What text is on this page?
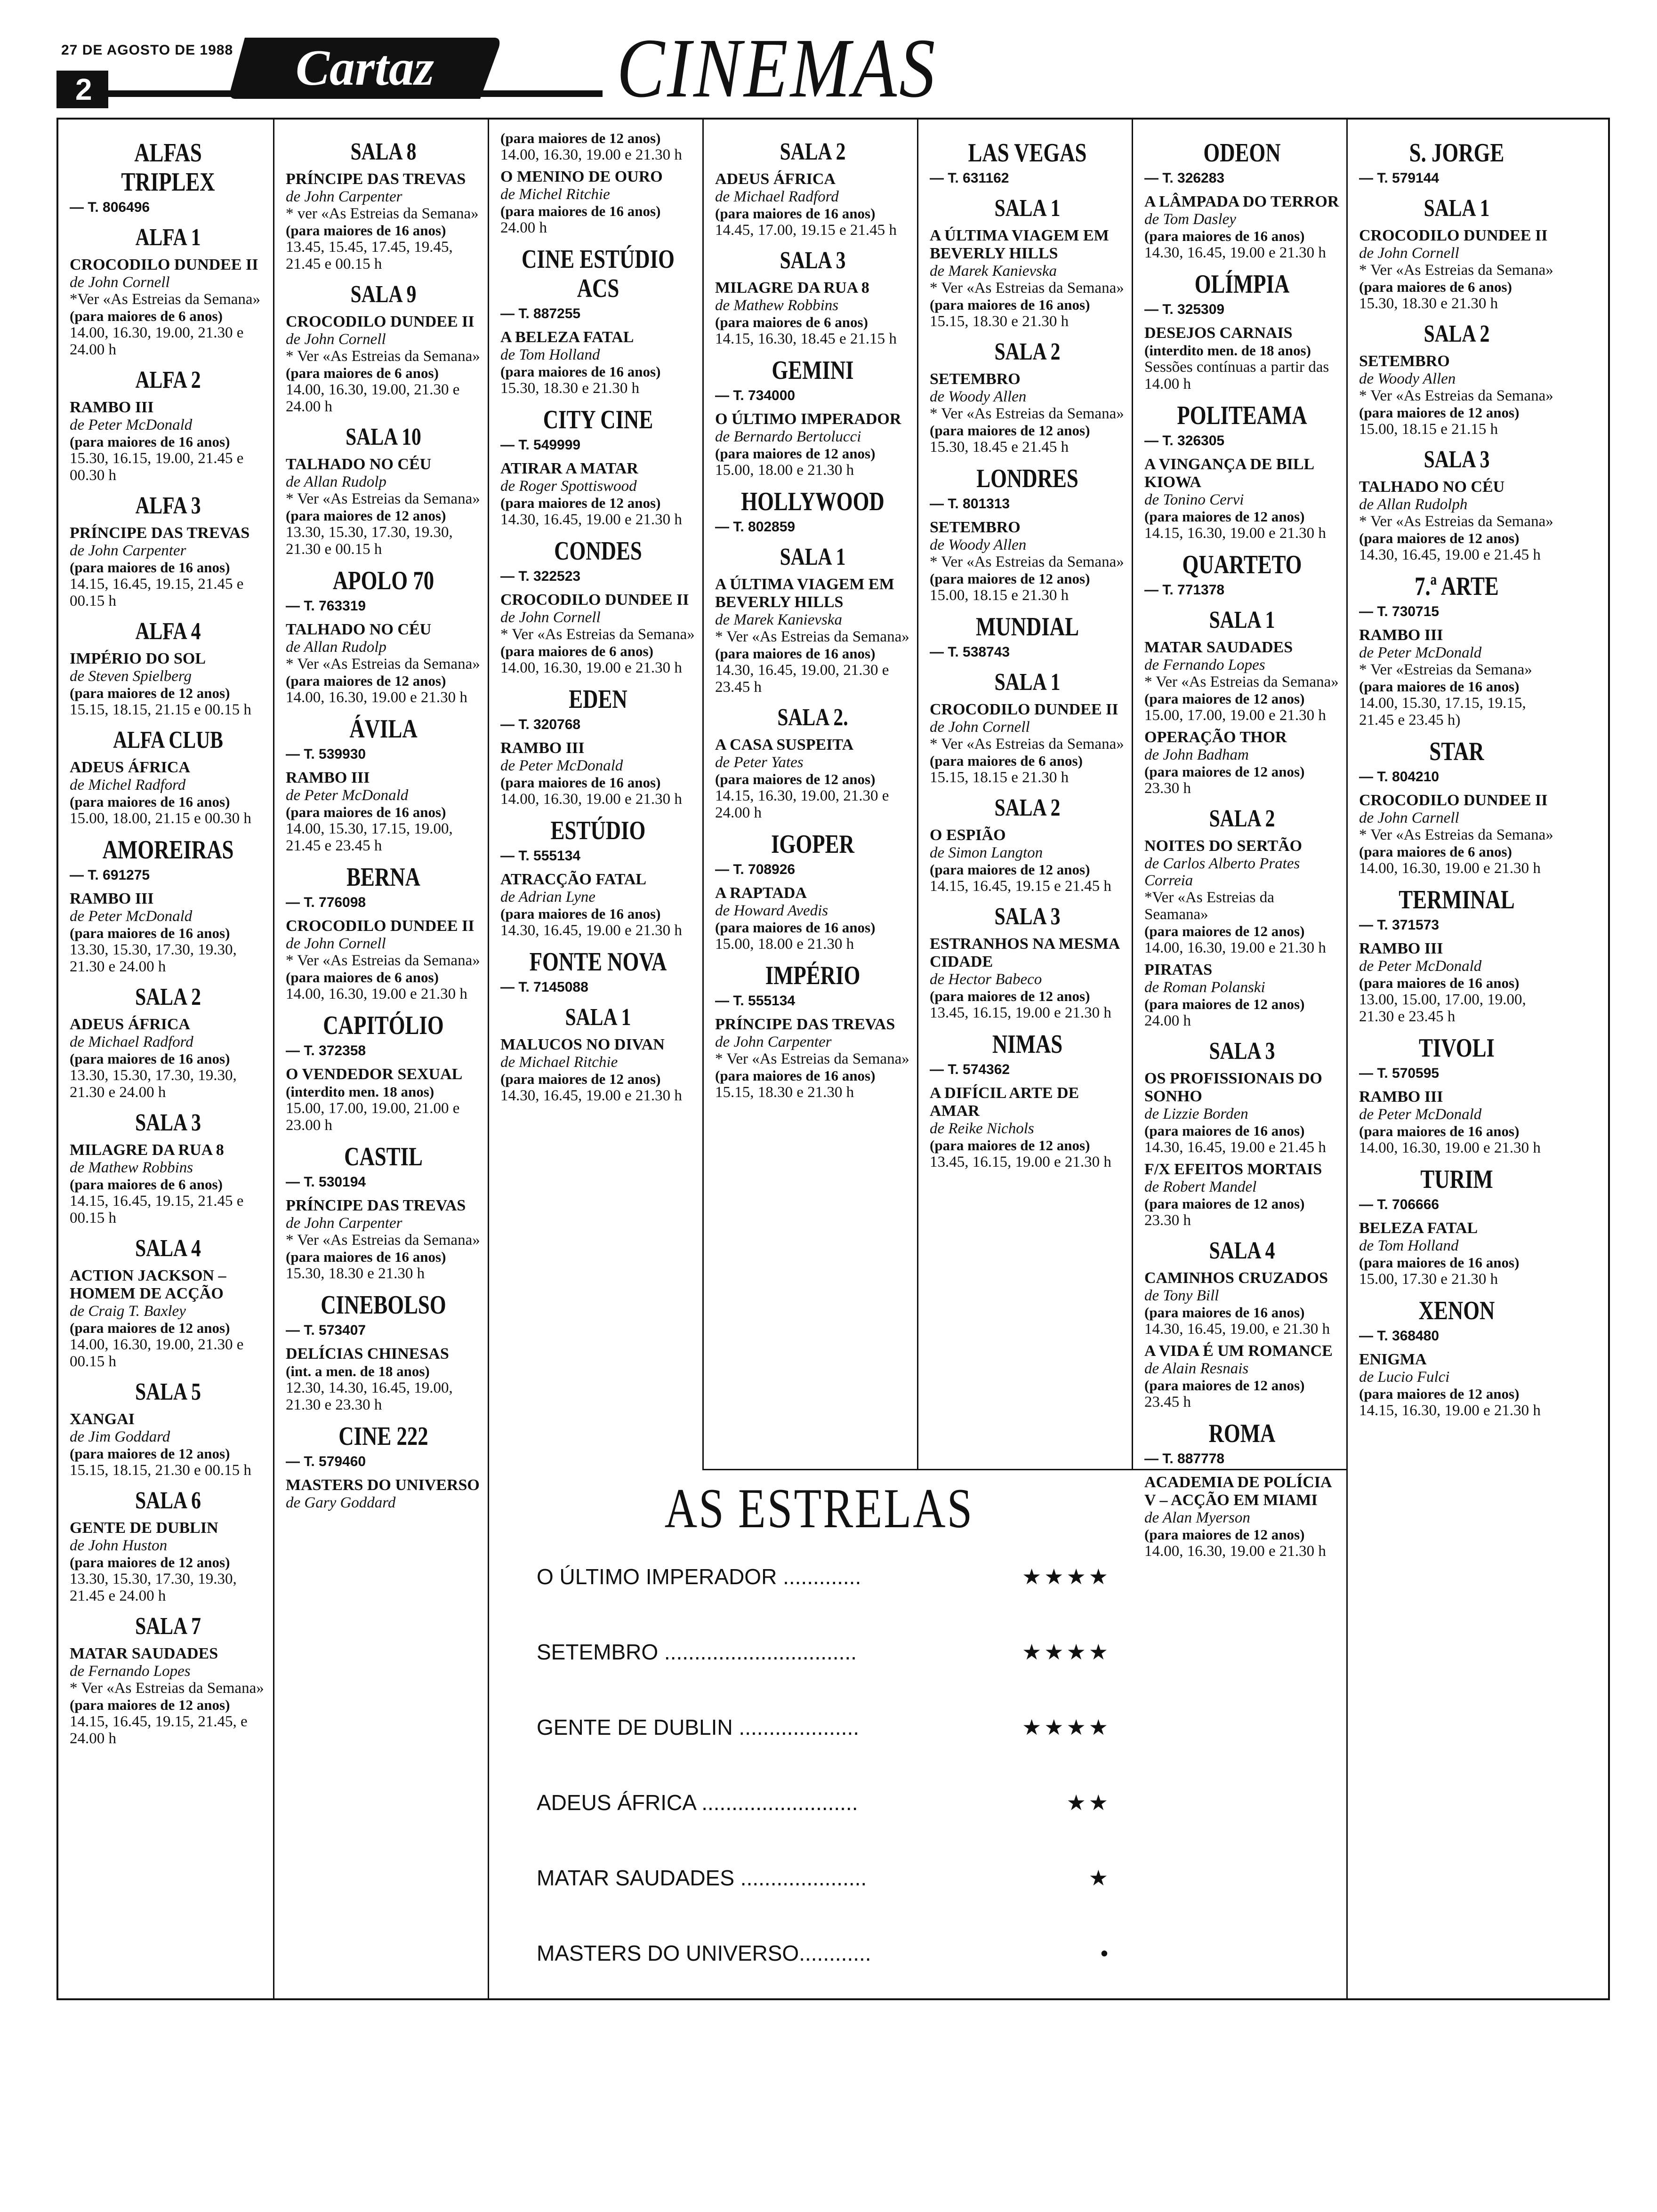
27 DE AGOSTO DE 1988
2	Cartaz CINEMAS
ALFAS TRIPLEX
— T. 806496
ALFA 1
CROCODILO DUNDEE II
de John Cornell
*Ver «As Estreias da Semana»
(para maiores de 6 anos)
14.00, 16.30, 19.00, 21.30 e 24.00 h
ALFA 2
RAMBO III
de Peter McDonald
(para maiores de 16 anos)
15.30, 16.15, 19.00, 21.45 e 00.30 h
ALFA 3
PRÍNCIPE DAS TREVAS
de John Carpenter
(para maiores de 16 anos)
14.15, 16.45, 19.15, 21.45 e 00.15 h
ALFA 4
IMPÉRIO DO SOL
de Steven Spielberg
(para maiores de 12 anos)
15.15, 18.15, 21.15 e 00.15 h
ALFA CLUB
ADEUS ÁFRICA
de Michel Radford
(para maiores de 16 anos)
15.00, 18.00, 21.15 e 00.30 h
AMOREIRAS
— T. 691275
RAMBO III
de Peter McDonald
(para maiores de 16 anos)
13.30, 15.30, 17.30, 19.30, 21.30 e 24.00 h
SALA 2
ADEUS ÁFRICA
de Michael Radford
(para maiores de 16 anos)
13.30, 15.30, 17.30, 19.30, 21.30 e 24.00 h
SALA 3
MILAGRE DA RUA 8
de Mathew Robbins
(para maiores de 6 anos)
14.15, 16.45, 19.15, 21.45 e 00.15 h
SALA 4
ACTION JACKSON – HOMEM DE ACÇÃO
de Craig T. Baxley
(para maiores de 12 anos)
14.00, 16.30, 19.00, 21.30 e 00.15 h
SALA 5
XANGAI
de Jim Goddard
(para maiores de 12 anos)
15.15, 18.15, 21.30 e 00.15 h
SALA 6
GENTE DE DUBLIN
de John Huston
(para maiores de 12 anos)
13.30, 15.30, 17.30, 19.30, 21.45 e 24.00 h
SALA 7
MATAR SAUDADES
de Fernando Lopes
* Ver «As Estreias da Semana»
(para maiores de 12 anos)
14.15, 16.45, 19.15, 21.45, e 24.00 h
SALA 8
PRÍNCIPE DAS TREVAS
de John Carpenter
* ver «As Estreias da Semana»
(para maiores de 16 anos)
13.45, 15.45, 17.45, 19.45, 21.45 e 00.15 h
SALA 9
CROCODILO DUNDEE II
de John Cornell
* Ver «As Estreias da Semana»
(para maiores de 6 anos)
14.00, 16.30, 19.00, 21.30 e 24.00 h
SALA 10
TALHADO NO CÉU
de Allan Rudolp
* Ver «As Estreias da Semana»
(para maiores de 12 anos)
13.30, 15.30, 17.30, 19.30, 21.30 e 00.15 h
APOLO 70
— T. 763319
TALHADO NO CÉU
de Allan Rudolp
* Ver «As Estreias da Semana»
(para maiores de 12 anos)
14.00, 16.30, 19.00 e 21.30 h
ÁVILA
— T. 539930
RAMBO III
de Peter McDonald
(para maiores de 16 anos)
14.00, 15.30, 17.15, 19.00, 21.45 e 23.45 h
BERNA
— T. 776098
CROCODILO DUNDEE II
de John Cornell
* Ver «As Estreias da Semana»
(para maiores de 6 anos)
14.00, 16.30, 19.00 e 21.30 h
CAPITÓLIO
— T. 372358
O VENDEDOR SEXUAL
(interdito men. 18 anos)
15.00, 17.00, 19.00, 21.00 e 23.00 h
CASTIL
— T. 530194
PRÍNCIPE DAS TREVAS
de John Carpenter
* Ver «As Estreias da Semana»
(para maiores de 16 anos)
15.30, 18.30 e 21.30 h
CINEBOLSO
— T. 573407
DELÍCIAS CHINESAS
(int. a men. de 18 anos)
12.30, 14.30, 16.45, 19.00, 21.30 e 23.30 h
CINE 222
— T. 579460
MASTERS DO UNIVERSO
de Gary Goddard
(para maiores de 12 anos)
14.00, 16.30, 19.00 e 21.30 h
O MENINO DE OURO
de Michel Ritchie
(para maiores de 16 anos)
24.00 h
CINE ESTÚDIO ACS
— T. 887255
A BELEZA FATAL
de Tom Holland
(para maiores de 16 anos)
15.30, 18.30 e 21.30 h
CITY CINE
— T. 549999
ATIRAR A MATAR
de Roger Spottiswood
(para maiores de 12 anos)
14.30, 16.45, 19.00 e 21.30 h
CONDES
— T. 322523
CROCODILO DUNDEE II
de John Cornell
* Ver «As Estreias da Semana»
(para maiores de 6 anos)
14.00, 16.30, 19.00 e 21.30 h
EDEN
— T. 320768
RAMBO III
de Peter McDonald
(para maiores de 16 anos)
14.00, 16.30, 19.00 e 21.30 h
ESTÚDIO
— T. 555134
ATRACÇÃO FATAL
de Adrian Lyne
(para maiores de 16 anos)
14.30, 16.45, 19.00 e 21.30 h
FONTE NOVA
— T. 7145088
SALA 1
MALUCOS NO DIVAN
de Michael Ritchie
(para maiores de 12 anos)
14.30, 16.45, 19.00 e 21.30 h
SALA 2
ADEUS ÁFRICA
de Michael Radford
(para maiores de 16 anos)
14.45, 17.00, 19.15 e 21.45 h
SALA 3
MILAGRE DA RUA 8
de Mathew Robbins
(para maiores de 6 anos)
14.15, 16.30, 18.45 e 21.15 h
GEMINI
— T. 734000
O ÚLTIMO IMPERADOR
de Bernardo Bertolucci
(para maiores de 12 anos)
15.00, 18.00 e 21.30 h
HOLLYWOOD
— T. 802859
SALA 1
A ÚLTIMA VIAGEM EM BEVERLY HILLS
de Marek Kanievska
* Ver «As Estreias da Semana»
(para maiores de 16 anos)
14.30, 16.45, 19.00, 21.30 e 23.45 h
SALA 2.
A CASA SUSPEITA
de Peter Yates
(para maiores de 12 anos)
14.15, 16.30, 19.00, 21.30 e 24.00 h
IGOPER
— T. 708926
A RAPTADA
de Howard Avedis
(para maiores de 16 anos)
15.00, 18.00 e 21.30 h
IMPÉRIO
— T. 555134
PRÍNCIPE DAS TREVAS
de John Carpenter
* Ver «As Estreias da Semana»
(para maiores de 16 anos)
15.15, 18.30 e 21.30 h
LAS VEGAS
— T. 631162
SALA 1
A ÚLTIMA VIAGEM EM BEVERLY HILLS
de Marek Kanievska
* Ver «As Estreias da Semana»
(para maiores de 16 anos)
15.15, 18.30 e 21.30 h
SALA 2
SETEMBRO
de Woody Allen
* Ver «As Estreias da Semana»
(para maiores de 12 anos)
15.30, 18.45 e 21.45 h
LONDRES
— T. 801313
SETEMBRO
de Woody Allen
* Ver «As Estreias da Semana»
(para maiores de 12 anos)
15.00, 18.15 e 21.30 h
MUNDIAL
— T. 538743
SALA 1
CROCODILO DUNDEE II
de John Cornell
* Ver «As Estreias da Semana»
(para maiores de 6 anos)
15.15, 18.15 e 21.30 h
SALA 2
O ESPIÃO
de Simon Langton
(para maiores de 12 anos)
14.15, 16.45, 19.15 e 21.45 h
SALA 3
ESTRANHOS NA MESMA CIDADE
de Hector Babeco
(para maiores de 12 anos)
13.45, 16.15, 19.00 e 21.30 h
NIMAS
— T. 574362
A DIFÍCIL ARTE DE AMAR
de Reike Nichols
(para maiores de 12 anos)
13.45, 16.15, 19.00 e 21.30 h
ODEON
— T. 326283
A LÂMPADA DO TERROR
de Tom Dasley
(para maiores de 16 anos)
14.30, 16.45, 19.00 e 21.30 h
OLÍMPIA
— T. 325309
DESEJOS CARNAIS
(interdito men. de 18 anos)
Sessões contínuas a partir das 14.00 h
POLITEAMA
— T. 326305
A VINGANÇA DE BILL KIOWA
de Tonino Cervi
(para maiores de 12 anos)
14.15, 16.30, 19.00 e 21.30 h
QUARTETO
— T. 771378
SALA 1
MATAR SAUDADES
de Fernando Lopes
* Ver «As Estreias da Semana»
(para maiores de 12 anos)
15.00, 17.00, 19.00 e 21.30 h
OPERAÇÃO THOR
de John Badham
(para maiores de 12 anos)
23.30 h
SALA 2
NOITES DO SERTÃO
de Carlos Alberto Prates Correia
*Ver «As Estreias da Seamana»
(para maiores de 12 anos)
14.00, 16.30, 19.00 e 21.30 h
PIRATAS
de Roman Polanski
(para maiores de 12 anos)
24.00 h
SALA 3
OS PROFISSIONAIS DO SONHO
de Lizzie Borden
(para maiores de 16 anos)
14.30, 16.45, 19.00 e 21.45 h
F/X EFEITOS MORTAIS
de Robert Mandel
(para maiores de 12 anos)
23.30 h
SALA 4
CAMINHOS CRUZADOS
de Tony Bill
(para maiores de 16 anos)
14.30, 16.45, 19.00, e 21.30 h
A VIDA É UM ROMANCE
de Alain Resnais
(para maiores de 12 anos)
23.45 h
ROMA
— T. 887778
ACADEMIA DE POLÍCIA V – ACÇÃO EM MIAMI
de Alan Myerson
(para maiores de 12 anos)
14.00, 16.30, 19.00 e 21.30 h
S. JORGE
— T. 579144
SALA 1
CROCODILO DUNDEE II
de John Cornell
* Ver «As Estreias da Semana»
(para maiores de 6 anos)
15.30, 18.30 e 21.30 h
SALA 2
SETEMBRO
de Woody Allen
* Ver «As Estreias da Semana»
(para maiores de 12 anos)
15.00, 18.15 e 21.15 h
SALA 3
TALHADO NO CÉU
de Allan Rudolph
* Ver «As Estreias da Semana»
(para maiores de 12 anos)
14.30, 16.45, 19.00 e 21.45 h
7.ª ARTE
— T. 730715
RAMBO III
de Peter McDonald
* Ver «Estreias da Semana»
(para maiores de 16 anos)
14.00, 15.30, 17.15, 19.15, 21.45 e 23.45 h)
STAR
— T. 804210
CROCODILO DUNDEE II
de John Carnell
* Ver «As Estreias da Semana»
(para maiores de 6 anos)
14.00, 16.30, 19.00 e 21.30 h
TERMINAL
— T. 371573
RAMBO III
de Peter McDonald
(para maiores de 16 anos)
13.00, 15.00, 17.00, 19.00, 21.30 e 23.45 h
TIVOLI
— T. 570595
RAMBO III
de Peter McDonald
(para maiores de 16 anos)
14.00, 16.30, 19.00 e 21.30 h
TURIM
— T. 706666
BELEZA FATAL
de Tom Holland
(para maiores de 16 anos)
15.00, 17.30 e 21.30 h
XENON
— T. 368480
ENIGMA
de Lucio Fulci
(para maiores de 12 anos)
14.15, 16.30, 19.00 e 21.30 h
AS ESTRELAS
O ÚLTIMO IMPERADOR .............	★★★★
SETEMBRO ................................	★★★★
GENTE DE DUBLIN ....................	★★★★
ADEUS ÁFRICA ..........................	★★
MATAR SAUDADES .....................	★
MASTERS DO UNIVERSO............	•
